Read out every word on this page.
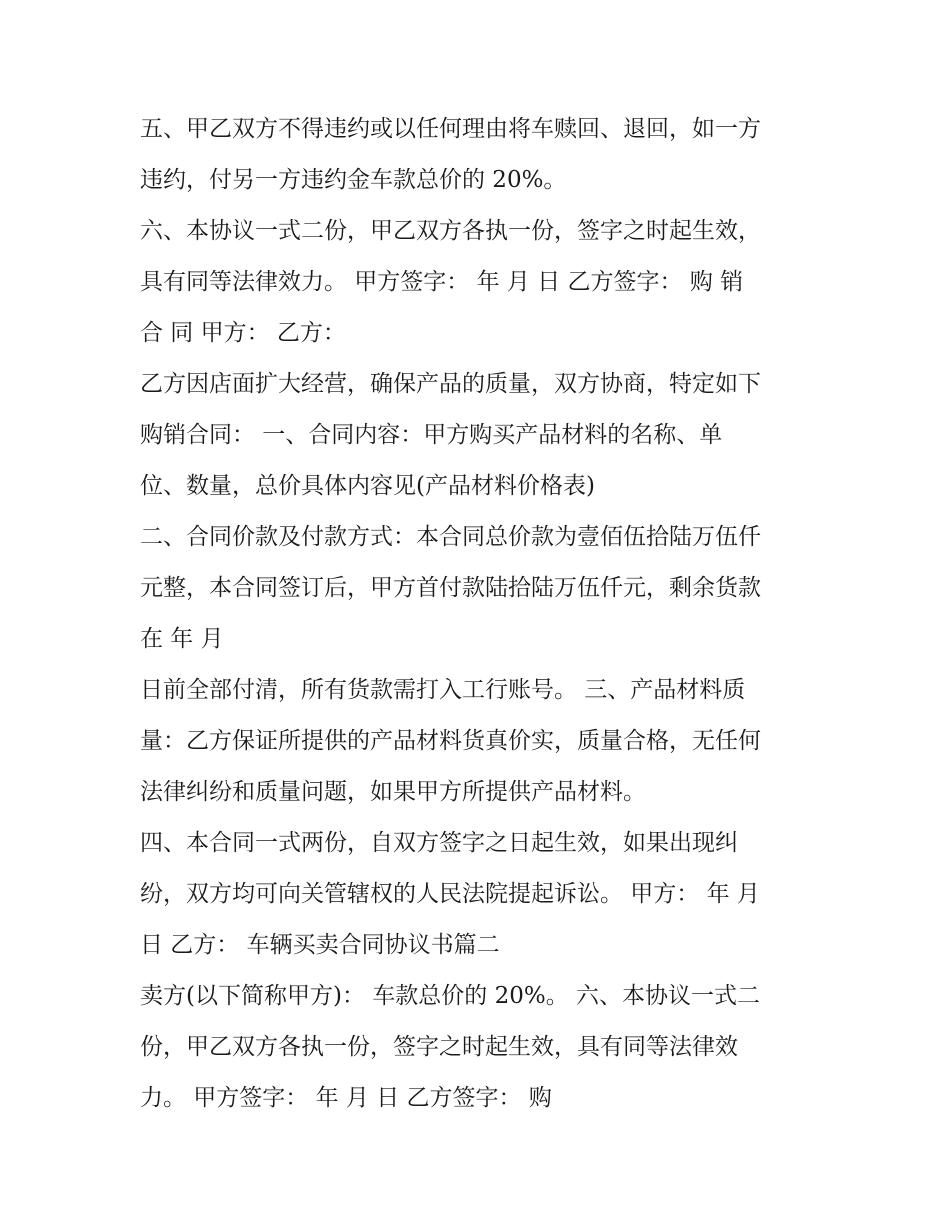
五、甲乙双方不得违约或以任何理由将车赎回、退回，如一方
违约，付另一方违约金车款总价的 20%。
六、本协议一式二份，甲乙双方各执一份，签字之时起生效，
具有同等法律效力。 甲方签字： 年 月 日 乙方签字： 购 销
合 同 甲方： 乙方：
乙方因店面扩大经营，确保产品的质量，双方协商，特定如下
购销合同： 一、合同内容：甲方购买产品材料的名称、单
位、数量，总价具体内容见(产品材料价格表)
二、合同价款及付款方式：本合同总价款为壹佰伍拾陆万伍仟
元整，本合同签订后，甲方首付款陆拾陆万伍仟元，剩余货款
在 年 月
日前全部付清，所有货款需打入工行账号。 三、产品材料质
量：乙方保证所提供的产品材料货真价实，质量合格，无任何
法律纠纷和质量问题，如果甲方所提供产品材料。
四、本合同一式两份，自双方签字之日起生效，如果出现纠
纷，双方均可向关管辖权的人民法院提起诉讼。 甲方： 年 月
日 乙方： 车辆买卖合同协议书篇二
卖方(以下简称甲方)： 车款总价的 20%。 六、本协议一式二
份，甲乙双方各执一份，签字之时起生效，具有同等法律效
力。 甲方签字： 年 月 日 乙方签字： 购
